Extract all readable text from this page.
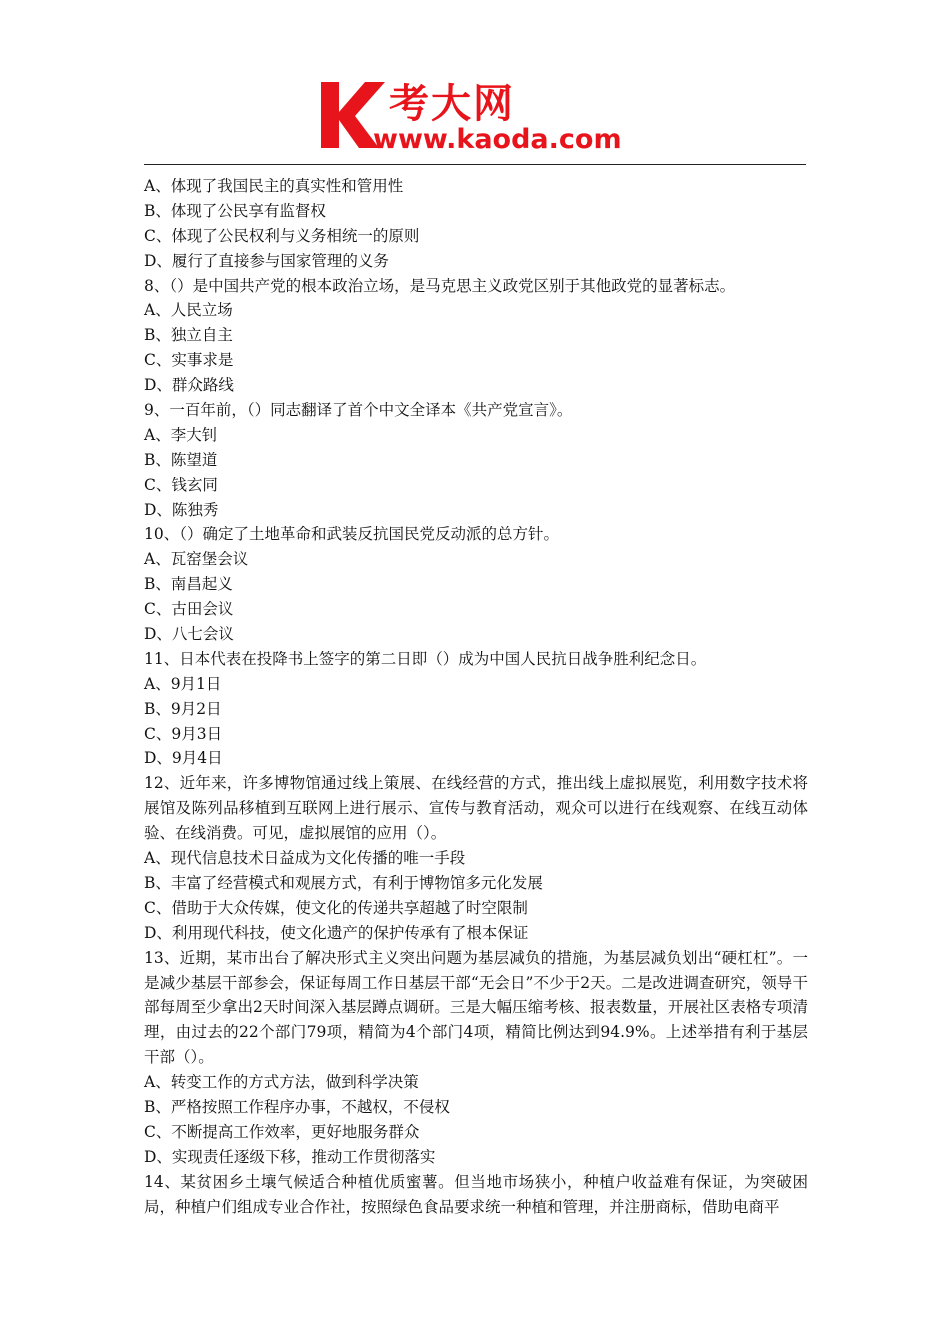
考大网
www.kaoda.com
A、体现了我国民主的真实性和管用性
B、体现了公民享有监督权
C、体现了公民权利与义务相统一的原则
D、履行了直接参与国家管理的义务
8、（）是中国共产党的根本政治立场，是马克思主义政党区别于其他政党的显著标志。
A、人民立场
B、独立自主
C、实事求是
D、群众路线
9、一百年前，（）同志翻译了首个中文全译本《共产党宣言》。
A、李大钊
B、陈望道
C、钱玄同
D、陈独秀
10、（）确定了土地革命和武装反抗国民党反动派的总方针。
A、瓦窑堡会议
B、南昌起义
C、古田会议
D、八七会议
11、日本代表在投降书上签字的第二日即（）成为中国人民抗日战争胜利纪念日。
A、9月1日
B、9月2日
C、9月3日
D、9月4日
12、近年来，许多博物馆通过线上策展、在线经营的方式，推出线上虚拟展览，利用数字技术将展馆及陈列品移植到互联网上进行展示、宣传与教育活动，观众可以进行在线观察、在线互动体验、在线消费。可见，虚拟展馆的应用（）。
A、现代信息技术日益成为文化传播的唯一手段
B、丰富了经营模式和观展方式，有利于博物馆多元化发展
C、借助于大众传媒，使文化的传递共享超越了时空限制
D、利用现代科技，使文化遗产的保护传承有了根本保证
13、近期，某市出台了解决形式主义突出问题为基层减负的措施，为基层减负划出“硬杠杠”。一是减少基层干部参会，保证每周工作日基层干部“无会日”不少于2天。二是改进调查研究，领导干部每周至少拿出2天时间深入基层蹲点调研。三是大幅压缩考核、报表数量，开展社区表格专项清理，由过去的22个部门79项，精简为4个部门4项，精简比例达到94.9%。上述举措有利于基层干部（）。
A、转变工作的方式方法，做到科学决策
B、严格按照工作程序办事，不越权，不侵权
C、不断提高工作效率，更好地服务群众
D、实现责任逐级下移，推动工作贯彻落实
14、某贫困乡土壤气候适合种植优质蜜薯。但当地市场狭小，种植户收益难有保证，为突破困局，种植户们组成专业合作社，按照绿色食品要求统一种植和管理，并注册商标，借助电商平
